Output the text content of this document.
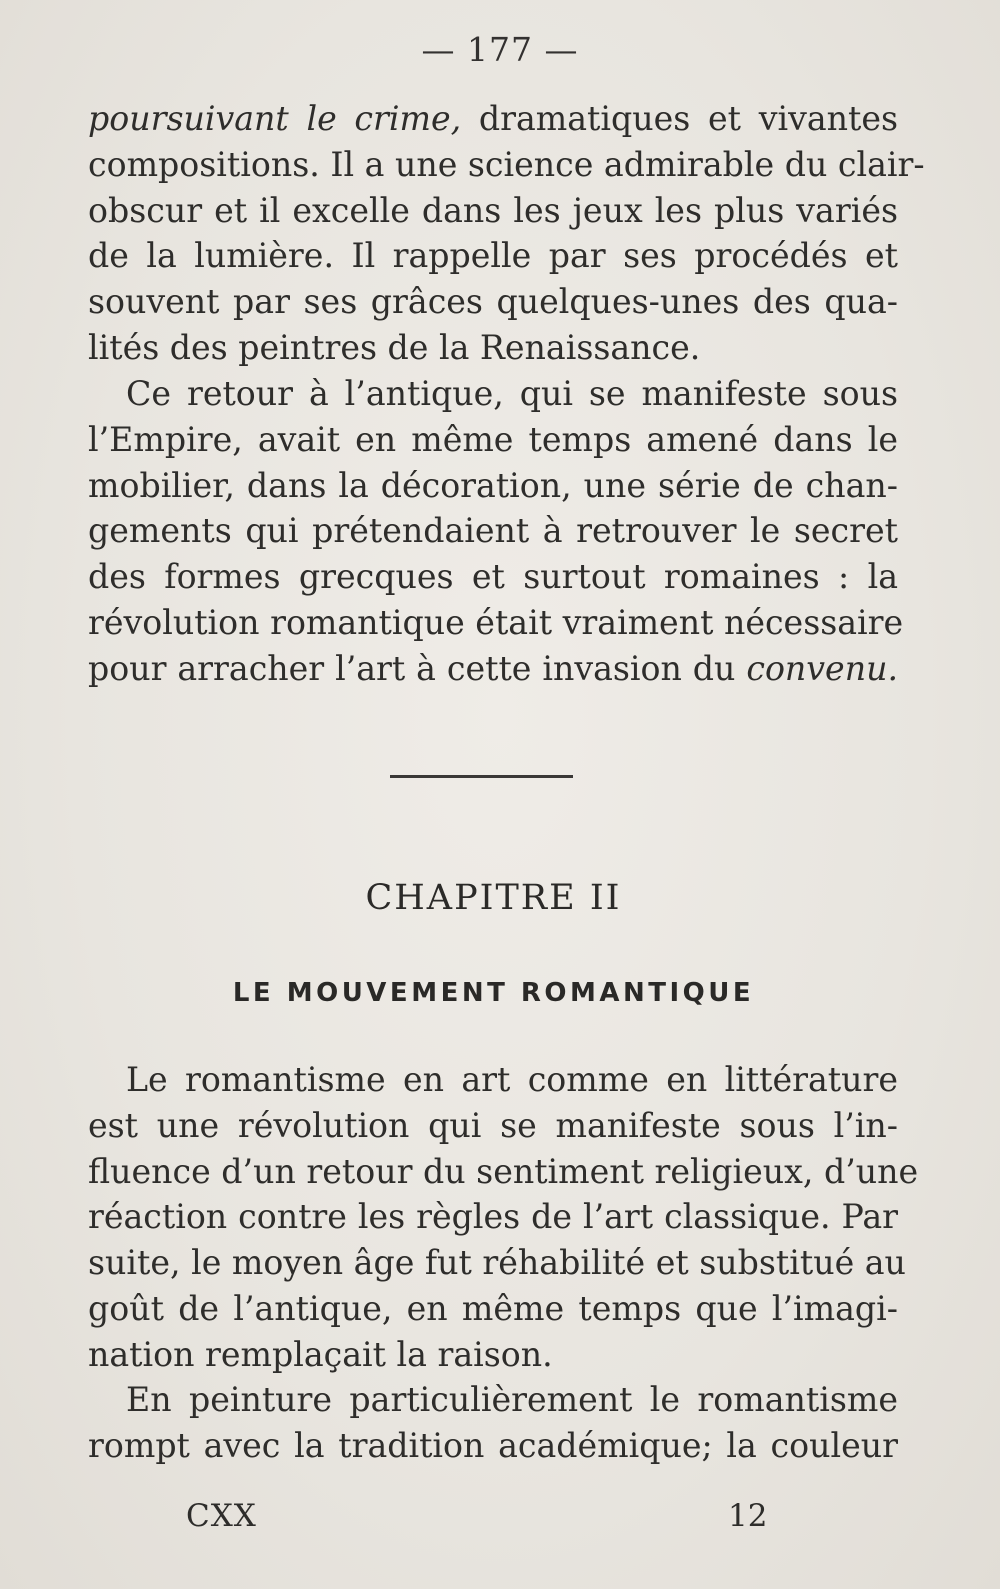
— 177 —
poursuivant le crime, dramatiques et vivantes
compositions. Il a une science admirable du clair-
obscur et il excelle dans les jeux les plus variés
de la lumière. Il rappelle par ses procédés et
souvent par ses grâces quelques-unes des qua-
lités des peintres de la Renaissance.
Ce retour à l’antique, qui se manifeste sous
l’Empire, avait en même temps amené dans le
mobilier, dans la décoration, une série de chan-
gements qui prétendaient à retrouver le secret
des formes grecques et surtout romaines : la
révolution romantique était vraiment nécessaire
pour arracher l’art à cette invasion du convenu.
CHAPITRE II
LE MOUVEMENT ROMANTIQUE
Le romantisme en art comme en littérature
est une révolution qui se manifeste sous l’in-
fluence d’un retour du sentiment religieux, d’une
réaction contre les règles de l’art classique. Par
suite, le moyen âge fut réhabilité et substitué au
goût de l’antique, en même temps que l’imagi-
nation remplaçait la raison.
En peinture particulièrement le romantisme
rompt avec la tradition académique; la couleur
CXX	12
